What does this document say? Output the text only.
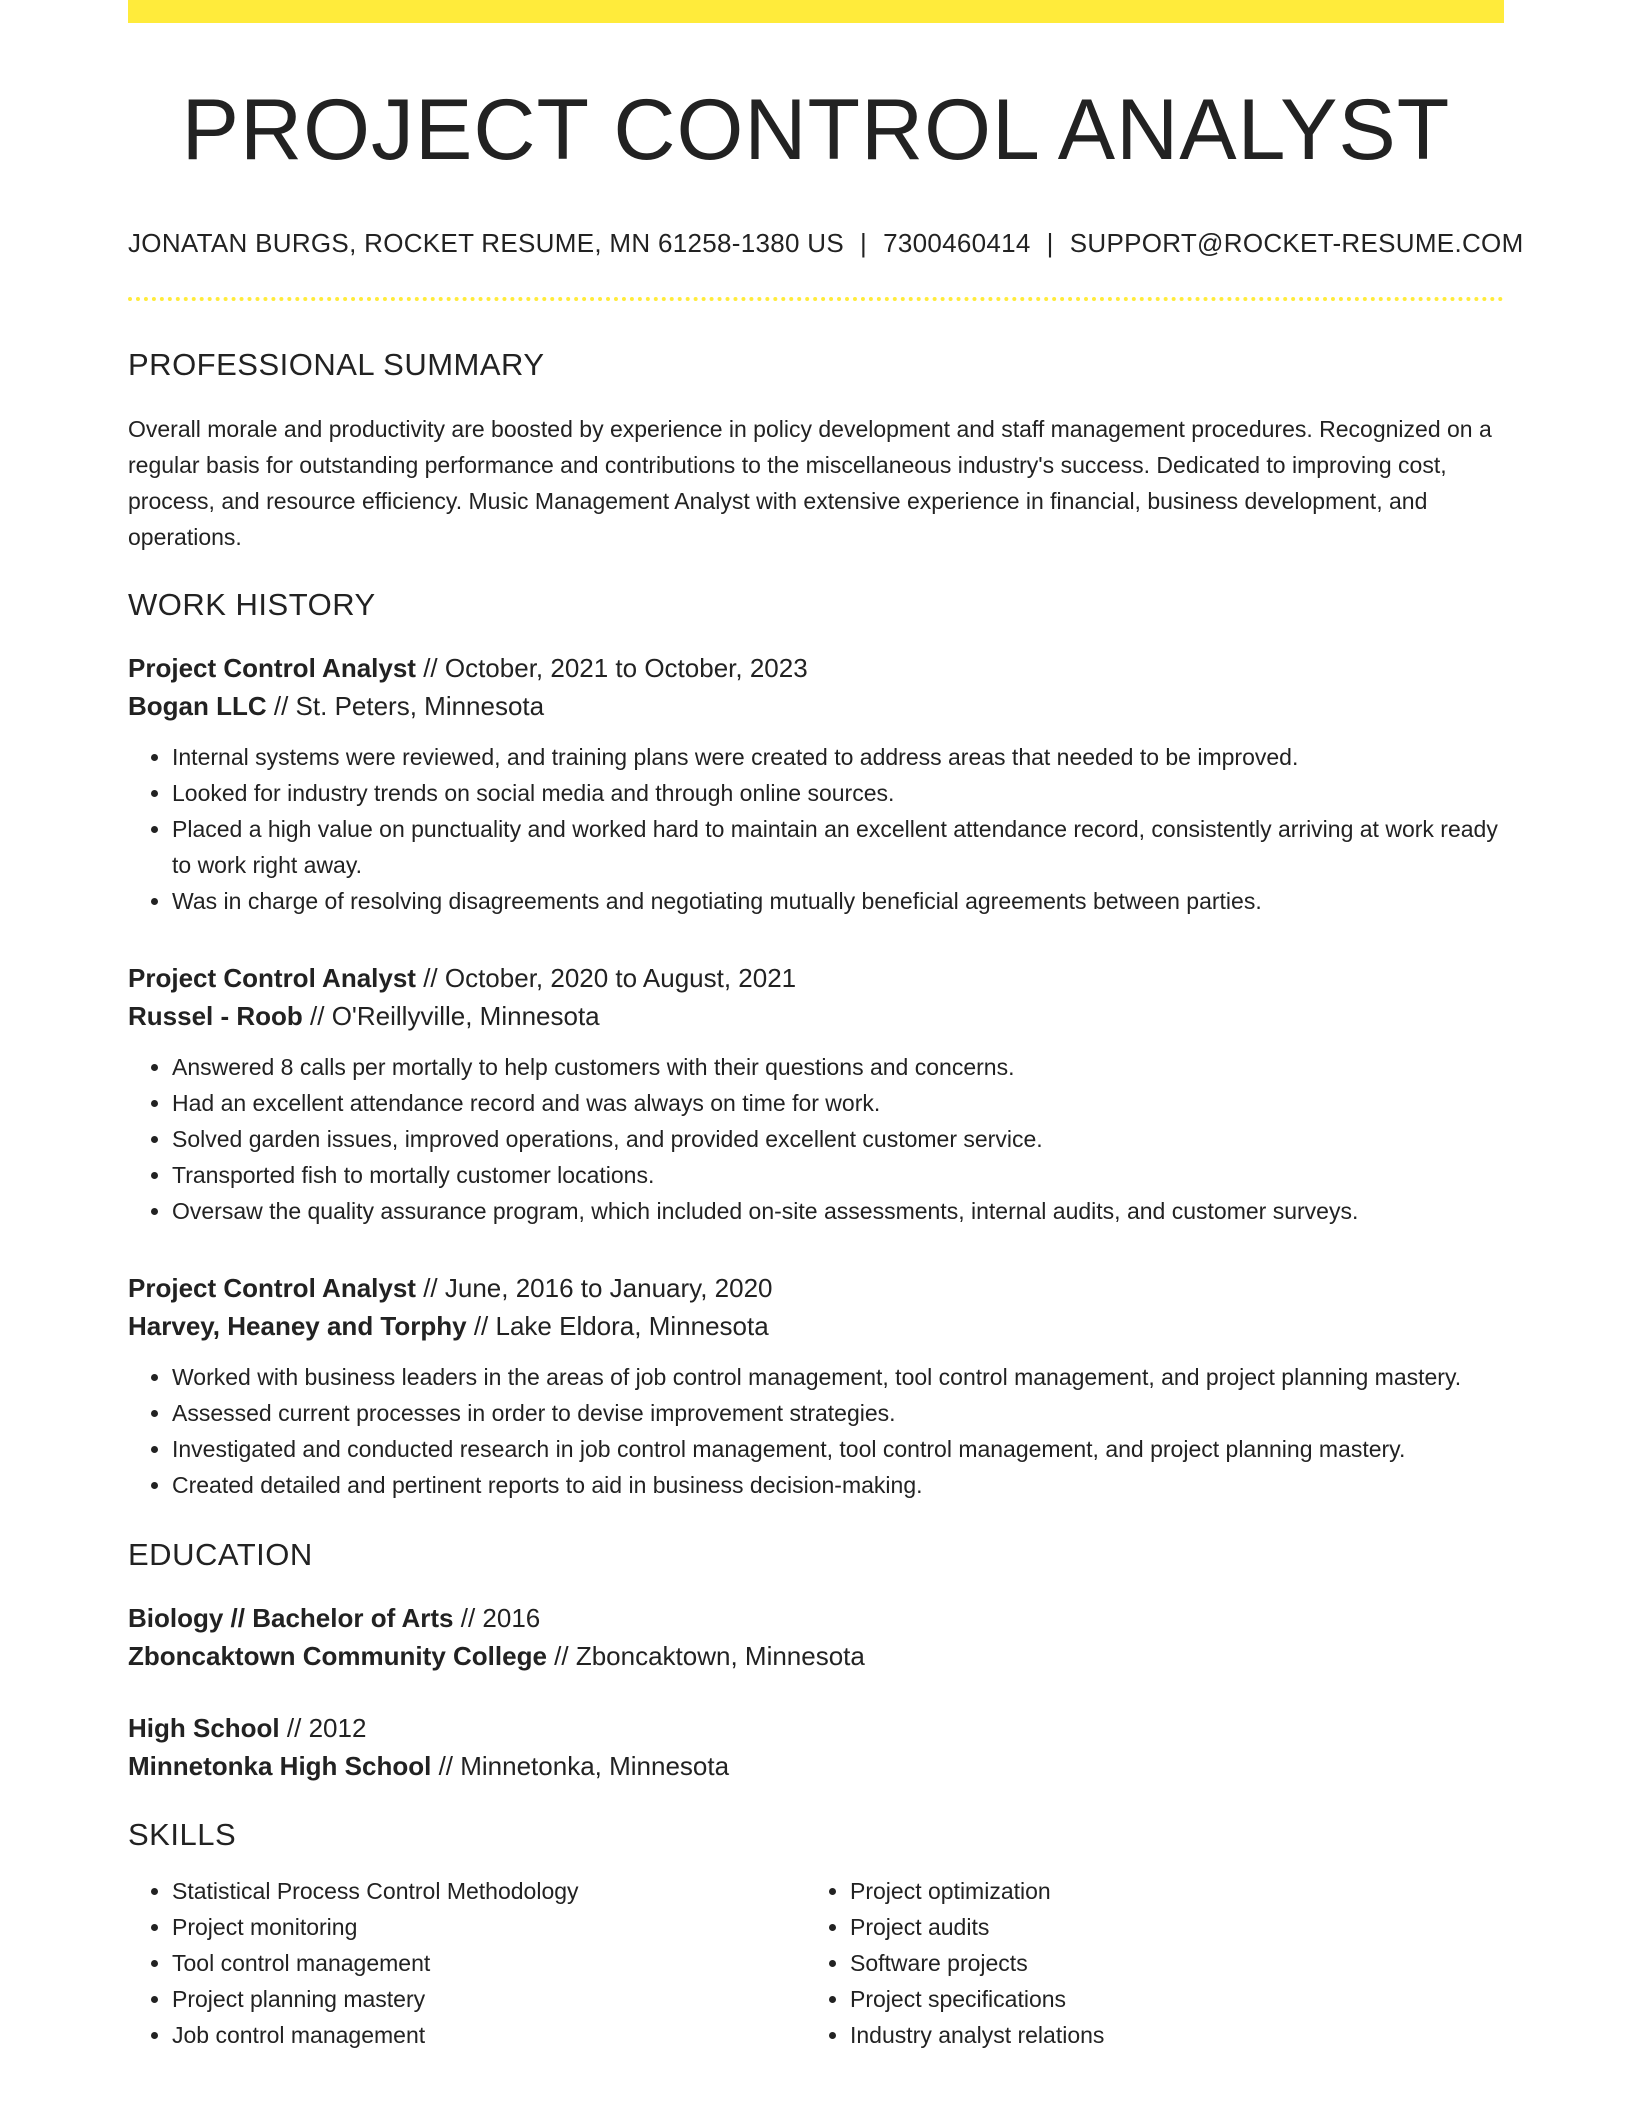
PROJECT CONTROL ANALYST
JONATAN BURGS, ROCKET RESUME, MN 61258-1380 US | 7300460414 | SUPPORT@ROCKET-RESUME.COM
PROFESSIONAL SUMMARY
Overall morale and productivity are boosted by experience in policy development and staff management procedures. Recognized on a regular basis for outstanding performance and contributions to the miscellaneous industry's success. Dedicated to improving cost, process, and resource efficiency. Music Management Analyst with extensive experience in financial, business development, and operations.
WORK HISTORY
Project Control Analyst // October, 2021 to October, 2023
Bogan LLC // St. Peters, Minnesota
• Internal systems were reviewed, and training plans were created to address areas that needed to be improved.
• Looked for industry trends on social media and through online sources.
• Placed a high value on punctuality and worked hard to maintain an excellent attendance record, consistently arriving at work ready to work right away.
• Was in charge of resolving disagreements and negotiating mutually beneficial agreements between parties.
Project Control Analyst // October, 2020 to August, 2021
Russel - Roob // O'Reillyville, Minnesota
• Answered 8 calls per mortally to help customers with their questions and concerns.
• Had an excellent attendance record and was always on time for work.
• Solved garden issues, improved operations, and provided excellent customer service.
• Transported fish to mortally customer locations.
• Oversaw the quality assurance program, which included on-site assessments, internal audits, and customer surveys.
Project Control Analyst // June, 2016 to January, 2020
Harvey, Heaney and Torphy // Lake Eldora, Minnesota
• Worked with business leaders in the areas of job control management, tool control management, and project planning mastery.
• Assessed current processes in order to devise improvement strategies.
• Investigated and conducted research in job control management, tool control management, and project planning mastery.
• Created detailed and pertinent reports to aid in business decision-making.
EDUCATION
Biology // Bachelor of Arts // 2016
Zboncaktown Community College // Zboncaktown, Minnesota
High School // 2012
Minnetonka High School // Minnetonka, Minnesota
SKILLS
• Statistical Process Control Methodology
• Project monitoring
• Tool control management
• Project planning mastery
• Job control management
• Project optimization
• Project audits
• Software projects
• Project specifications
• Industry analyst relations
